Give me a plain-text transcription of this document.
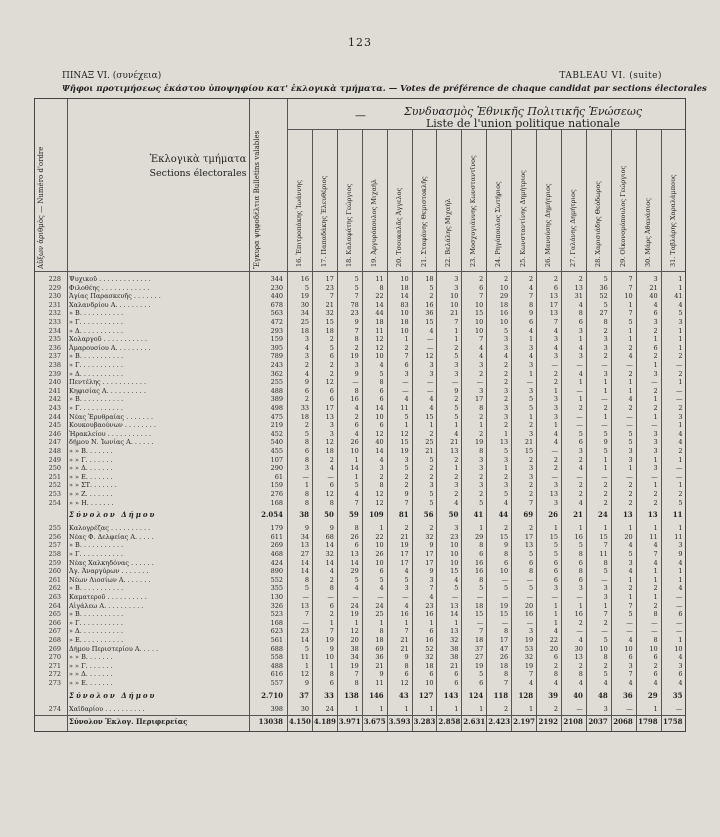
123
ΠΙΝΑΞ VI. (συνέχεια)	TABLEAU VI. (suite)
Ψῆφοι προτιμήσεως ἑκάστου ὑποψηφίου κατ' ἐκλογικὰ τμήματα. — Votes de préférence de chaque candidat par sections électorales
Αὔξων ἀριθμὸς — Numéro d'ordre	Ἐκλογικὰ τμήματα
Sections électorales Ἔγκυρα ψηφοδέλτια Bulletins valables
—	Συνδυασμὸς Ἐθνικῆς Πολιτικῆς Ἑνώσεως
Liste de l'union politique nationale
16. Ἐπιτροπάκης Ἰωάννης	17. Παπαδάκης Ἐλευθέριος	18. Καλαφάτης Γεώργιος	19. Ἀργυρόπουλος Μιχαήλ	20. Τσουκαλᾶς Ἀγγελος	21. Σταφάνης Θεμιστοκλῆς	22. Βελάλης Μιχαήλ	23. Μοσχογιάννης Κωνσταντῖνος	24. Ρηγόπουλος Σωτήριος	25. Κωνσταντίνης Δημήτριος	26. Μανούσης Δημήτριος	27. Γαλάνης Δημήτριος	28. Χαρισιάδης Θεόδωρος	29. Οἰκονομόπουλος Γεώργιος	30. Μάρς Ἀθανάσιος	31. Ταβλάρης Χαραλάμπους
228 Ψυχικοῦ . . . . . . . . . . . . .	344	16	17	5	11	10	18	3	2	2	2	2	2	5	7	3	1
229 Φιλοθέης . . . . . . . . . . . .	230	5	23	5	8	18	5	3	6	10	4	6	13	36	7	21	1
230 Ἁγίας Παρασκευῆς . . . . . . .	440	19	7	7	22	14	2	10	7	29	7	13	31	52	10	40	41
231 Χαλανδρίου Α. . . . . . . . .	678	30	21	78	14	83	16	10	10	18	8	17	4	5	1	4	4
232 » Β. . . . . . . . . . .	563	34	32	23	44	10	36	21	15	16	9	13	8	27	7	6	5
233 » Γ. . . . . . . . . . .	472	25	15	9	18	18	15	7	10	10	6	7	6	8	5	3	3
234 » Δ. . . . . . . . . . .	293	18	18	7	11	10	4	1	10	5	4	4	3	2	1	2	1
235 Χολαργοῦ . . . . . . . . . . .	159	3	2	8	12	1	—	1	7	3	1	3	1	3	1	1	1
236 Ἀμαρουσίου Α. . . . . . . . .	395	4	5	2	12	2	—	2	4	3	3	4	4	3	2	6	1
237 » Β. . . . . . . . . . .	789	3	6	19	10	7	12	5	4	4	4	3	3	2	4	2	2
238 » Γ. . . . . . . . . . .	243	2	2	3	4	6	3	3	3	2	3	—	—	—	—	1	—
239 » Δ. . . . . . . . . . .	362	4	2	9	5	3	3	3	2	2	1	2	4	3	2	3	2
240 Πεντέλης . . . . . . . . . . .	255	9	12	—	8	—	—	—	—	2	—	2	1	1	1	—	1
241 Κηφισίας Α. . . . . . . . . .	488	6	6	8	6	—	—	9	3	3	3	1	—	1	1	2	—
242 » Β. . . . . . . . . . .	389	2	6	16	6	4	4	2	17	2	5	3	1	—	4	1	—
243 » Γ. . . . . . . . . . .	498	33	17	4	14	11	4	5	8	3	5	3	2	2	2	2	2
244 Νέας Ἐρυθραίας . . . . . . .	475	18	13	2	10	5	15	5	2	3	1	3	—	1	—	1	3
245 Κουκουβαούνων . . . . . . . .	219	2	3	6	6	1	1	1	1	2	2	1	—	—	—	—	1
246 Ἡρακλείου . . . . . . . . . . .	452	5	3	4	12	12	2	4	2	1	3	4	5	5	5	3	4
247 δήμου Ν. Ἰωνίας Α. . . . . .	540	8	12	26	40	15	25	21	19	13	21	4	6	9	5	3	4
248 » » Β. . . . . . .	455	6	18	10	14	19	21	13	8	5	15	—	3	5	3	3	2
249 » » Γ. . . . . . .	107	8	2	1	4	3	5	2	3	3	2	2	2	1	3	1	1
250 » » Δ. . . . . . .	290	3	4	14	3	5	2	1	3	1	3	2	4	1	1	3	—
251 » » Ε. . . . . . .	61	—	—	1	2	2	2	2	2	2	3	—	—	—	—	—	—
252 » » ΣΤ. . . . . . .	159	1	6	5	8	2	3	3	3	3	2	3	2	2	2	1	1
253 » » Ζ. . . . . . .	276	8	12	4	12	9	5	2	2	5	2	13	2	2	2	2	2
254 » » Η. . . . . . .	168	8	8	7	12	7	5	4	5	4	7	3	4	2	2	2	5
Σύνολον Δήμου	2.054	38	50	59	109	81	56	50	41	44	69	26	21	24	13	13	11
255 Καλογρέζας . . . . . . . . . .	179	9	9	8	1	2	2	3	1	2	2	1	1	1	1	1	1
256 Νέας Φ. Δελφείας Α. . . . .	611	34	68	26	22	21	32	23	29	15	17	15	16	15	20	11	11
257 » Β. . . . . . . . . . .	269	13	14	6	10	19	9	10	8	9	13	5	5	7	4	4	3
258 » Γ. . . . . . . . . . .	468	27	32	13	26	17	17	10	6	8	5	5	8	11	5	7	9
259 Νέας Χαλκηδόνας . . . . . .	424	14	14	14	10	17	17	10	16	6	6	6	6	8	3	4	4
260 Ἀγ. Ἀναργύρων . . . . . . .	890	14	4	29	6	4	9	15	16	10	8	6	8	5	4	1	1
261 Νέων Λιοσίων Α. . . . . . .	552	8	2	5	5	5	3	4	8	—	—	6	6	—	1	1	1
262 » Β. . . . . . . . . . .	355	5	8	4	4	3	7	5	5	5	5	3	3	3	2	2	4
263 Καματεροῦ . . . . . . . . . .	130	—	—	—	—	—	4	—	—	—	—	—	—	3	1	1	—
264 Αἰγάλεω Α. . . . . . . . . .	326	13	6	24	24	4	23	13	18	19	20	1	1	1	7	2	—
265 » Β. . . . . . . . . . .	523	7	2	19	25	16	16	14	15	15	16	1	16	7	5	8	6
266 » Γ. . . . . . . . . . .	168	—	1	1	1	1	1	1	—	—	—	1	2	2	—	—	—
267 » Δ. . . . . . . . . . .	623	23	7	12	8	7	6	13	7	8	3	4	—	—	—	—	—
268 » Ε. . . . . . . . . . .	561	14	19	20	18	21	16	32	18	17	19	22	4	5	4	8	1
269 Δήμου Περιστερίου Α. . . . .	688	5	9	38	69	21	52	38	37	47	53	20	30	10	10	10	10
270 » » Β. . . . . . .	558	11	10	34	36	9	32	38	27	26	32	6	13	8	6	6	4
271 » » Γ. . . . . . .	488	1	1	19	21	8	18	21	19	18	19	2	2	2	3	2	3
272 » » Δ. . . . . . .	616	12	8	7	9	6	6	6	5	8	7	8	8	5	7	6	6
273 » » Ε. . . . . . .	557	9	6	8	11	12	10	6	6	7	4	4	4	4	4	4	4
Σύνολον Δήμου	2.710	37	33	138	146	43	127	143	124	118	128	39	40	48	36	29	35
274 Χαϊδαρίου . . . . . . . . . .	398	30	24	1	1	1	1	1	1	2	1	2	—	3	—	1	—
Σύνολον Ἐκλογ. Περιφερείας	13038 4.150 4.189 3.971 3.675 3.593 3.283 2.858 2.631 2.423 2.197 2192 2108 2037 2068 1798 1758
